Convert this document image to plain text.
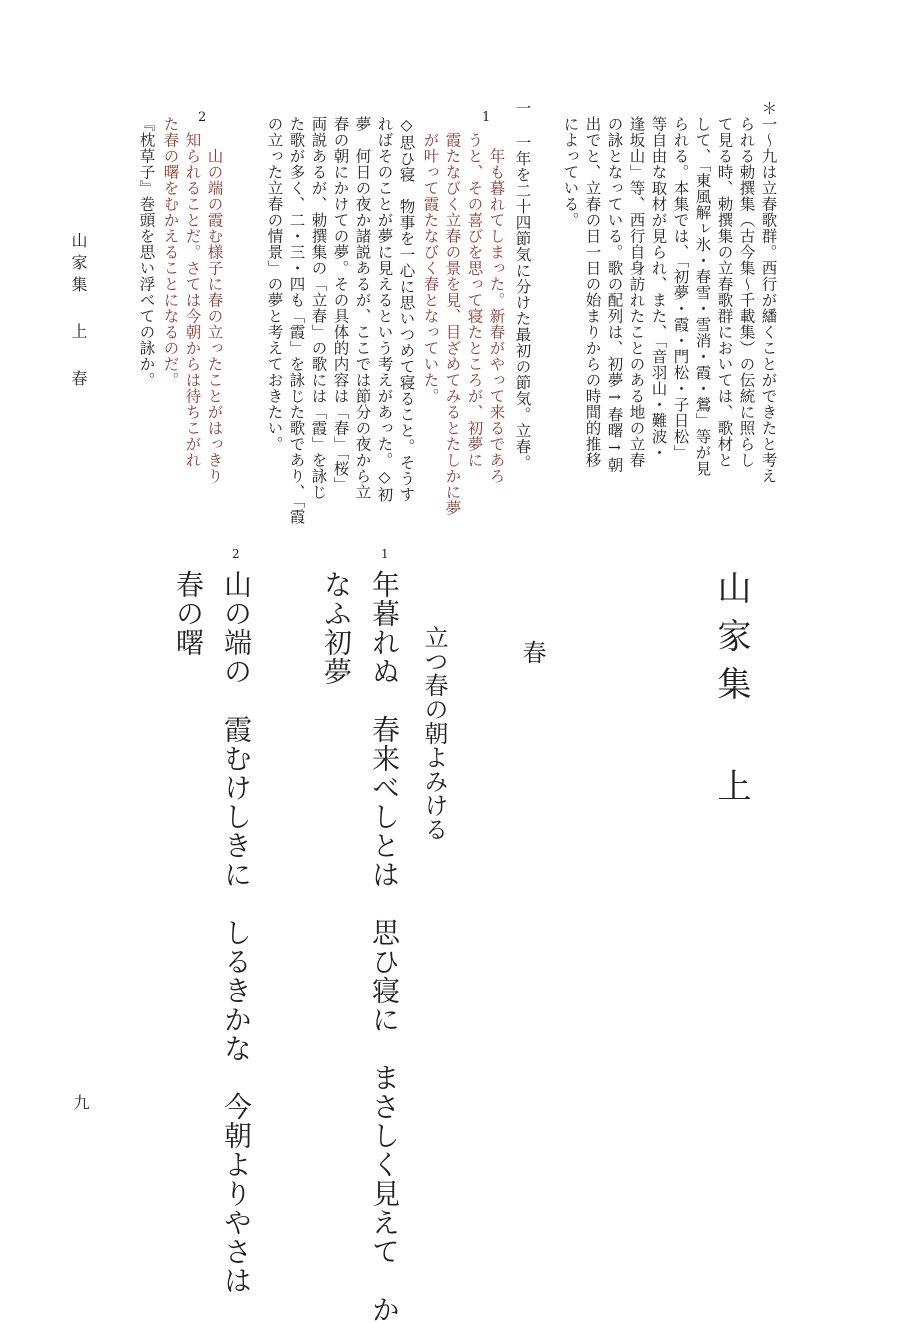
山家集 上
春
立つ春の朝よみける
1
年暮れぬ　春来べしとは　思ひ寝に　まさしく見えて　か
なふ初夢
2
山の端の　霞むけしきに　しるきかな　今朝よりやさは
春の曙
＊一〜九は立春歌群。西行が繙くことができたと考え
られる勅撰集（古今集〜千載集）の伝統に照らし
て見る時、勅撰集の立春歌群においては、歌材と
して、「東風解ㇾ氷・春雪・雪消・霞・鶯」等が見
られる。本集では、「初夢・霞・門松・子日松」
等自由な取材が見られ、また、「音羽山・難波・
逢坂山」等、西行自身訪れたことのある地の立春
の詠となっている。歌の配列は、初夢→春曙→朝
出でと、立春の日一日の始まりからの時間的推移
によっている。
一 一年を二十四節気に分けた最初の節気。立春。
1
年も暮れてしまった。新春がやって来るであろ
うと、その喜びを思って寝たところが、初夢に
霞たなびく立春の景を見、目ざめてみるとたしかに夢
が叶って霞たなびく春となっていた。
◇思ひ寝　物事を一心に思いつめて寝ること。そうす
ればそのことが夢に見えるという考えがあった。◇初
夢　何日の夜か諸説あるが、ここでは節分の夜から立
春の朝にかけての夢。その具体的内容は「春」「桜」
両説あるが、勅撰集の「立春」の歌には「霞」を詠じ
た歌が多く、二・三・四も「霞」を詠じた歌であり、「霞
の立った立春の情景」の夢と考えておきたい。
2
山の端の霞む様子に春の立ったことがはっきり
知られることだ。さては今朝からは待ちこがれ
た春の曙をむかえることになるのだ。
『枕草子』巻頭を思い浮べての詠か。
山家集 上 春
九
